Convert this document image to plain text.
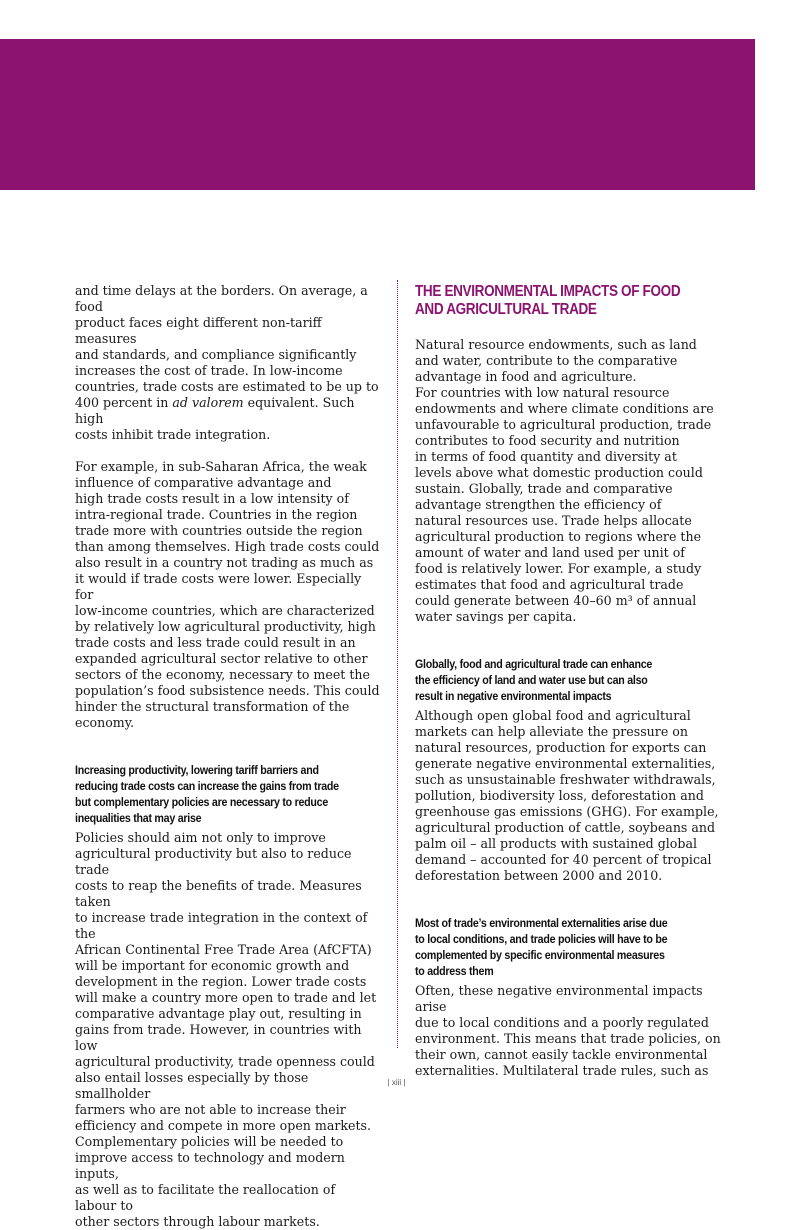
and time delays at the borders. On average, a food
product faces eight different non-tariff measures
and standards, and compliance significantly
increases the cost of trade. In low-income
countries, trade costs are estimated to be up to
400 percent in ad valorem equivalent. Such high
costs inhibit trade integration.

For example, in sub-Saharan Africa, the weak
influence of comparative advantage and
high trade costs result in a low intensity of
intra-regional trade. Countries in the region
trade more with countries outside the region
than among themselves. High trade costs could
also result in a country not trading as much as
it would if trade costs were lower. Especially for
low-income countries, which are characterized
by relatively low agricultural productivity, high
trade costs and less trade could result in an
expanded agricultural sector relative to other
sectors of the economy, necessary to meet the
population’s food subsistence needs. This could
hinder the structural transformation of the
economy.

Increasing productivity, lowering tariff barriers and
reducing trade costs can increase the gains from trade
but complementary policies are necessary to reduce
inequalities that may arise

Policies should aim not only to improve
agricultural productivity but also to reduce trade
costs to reap the benefits of trade. Measures taken
to increase trade integration in the context of the
African Continental Free Trade Area (AfCFTA)
will be important for economic growth and
development in the region. Lower trade costs
will make a country more open to trade and let
comparative advantage play out, resulting in
gains from trade. However, in countries with low
agricultural productivity, trade openness could
also entail losses especially by those smallholder
farmers who are not able to increase their
efficiency and compete in more open markets.
Complementary policies will be needed to
improve access to technology and modern inputs,
as well as to facilitate the reallocation of labour to
other sectors through labour markets.

THE ENVIRONMENTAL IMPACTS OF FOOD
AND AGRICULTURAL TRADE

Natural resource endowments, such as land
and water, contribute to the comparative
advantage in food and agriculture.
For countries with low natural resource
endowments and where climate conditions are
unfavourable to agricultural production, trade
contributes to food security and nutrition
in terms of food quantity and diversity at
levels above what domestic production could
sustain. Globally, trade and comparative
advantage strengthen the efficiency of
natural resources use. Trade helps allocate
agricultural production to regions where the
amount of water and land used per unit of
food is relatively lower. For example, a study
estimates that food and agricultural trade
could generate between 40–60 m³ of annual
water savings per capita.

Globally, food and agricultural trade can enhance
the efficiency of land and water use but can also
result in negative environmental impacts

Although open global food and agricultural
markets can help alleviate the pressure on
natural resources, production for exports can
generate negative environmental externalities,
such as unsustainable freshwater withdrawals,
pollution, biodiversity loss, deforestation and
greenhouse gas emissions (GHG). For example,
agricultural production of cattle, soybeans and
palm oil – all products with sustained global
demand – accounted for 40 percent of tropical
deforestation between 2000 and 2010.

Most of trade’s environmental externalities arise due
to local conditions, and trade policies will have to be
complemented by specific environmental measures
to address them

Often, these negative environmental impacts arise
due to local conditions and a poorly regulated
environment. This means that trade policies, on
their own, cannot easily tackle environmental
externalities. Multilateral trade rules, such as

| xiii |
